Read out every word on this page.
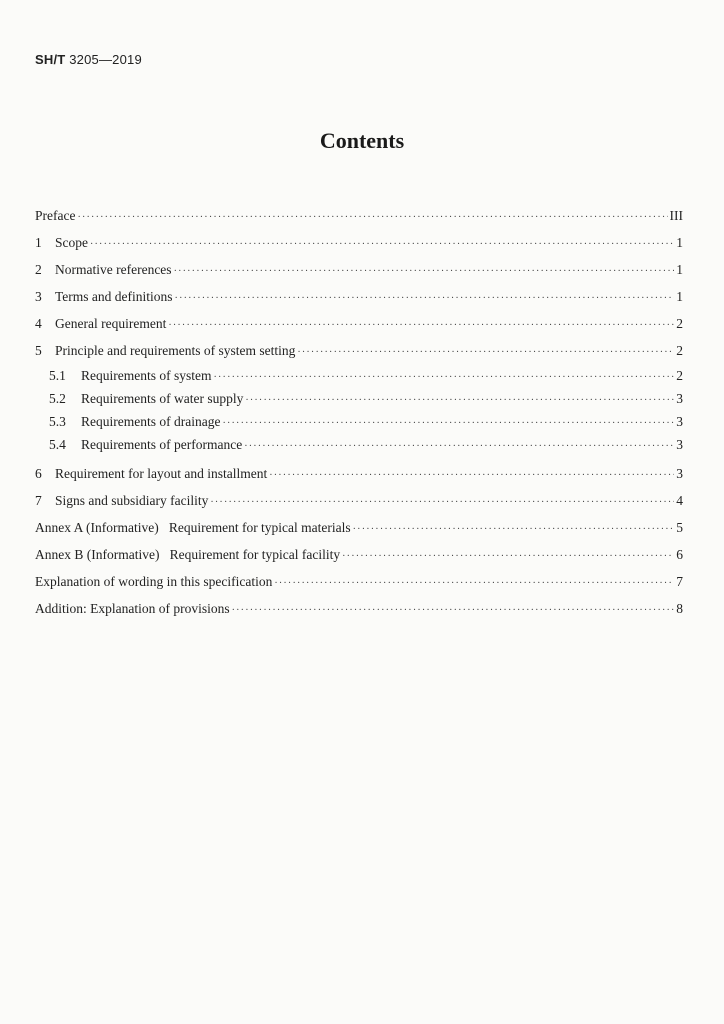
SH/T 3205—2019
Contents
Preface ·····	III
1 Scope ·····	1
2 Normative references ·····	1
3 Terms and definitions ·····	1
4 General requirement ·····	2
5 Principle and requirements of system setting ·····	2
5.1	Requirements of system ·····	2
5.2	Requirements of water supply ·····	3
5.3	Requirements of drainage ·····	3
5.4	Requirements of performance ·····	3
6 Requirement for layout and installment ·····	3
7 Signs and subsidiary facility ·····	4
Annex A (Informative)   Requirement for typical materials ·····	5
Annex B (Informative)   Requirement for typical facility ·····	6
Explanation of wording in this specification ·····	7
Addition: Explanation of provisions ·····	8
